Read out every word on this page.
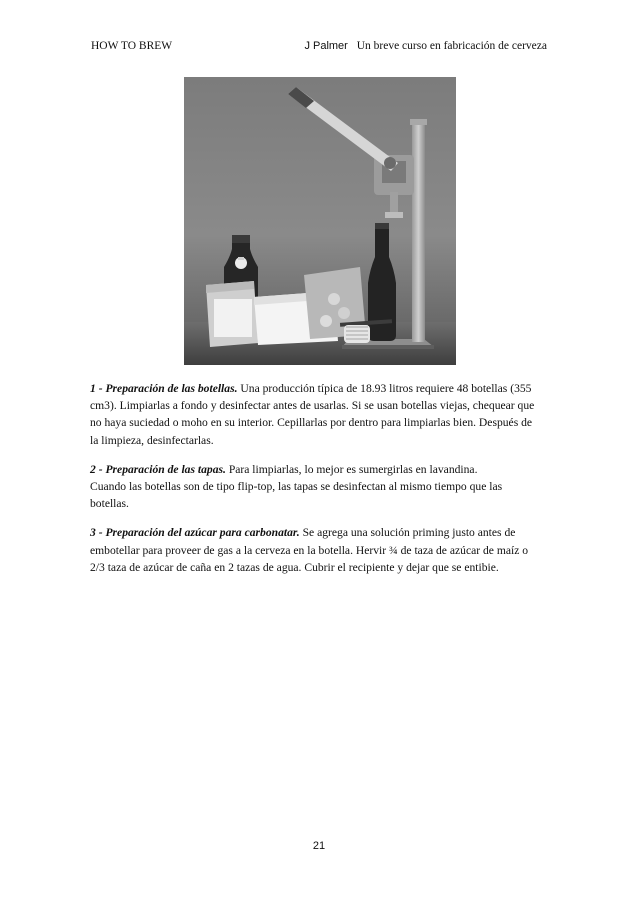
HOW TO BREW	J Palmer Un breve curso en fabricación de cerveza

1 - Preparación de las botellas. Una producción típica de 18.93 litros requiere 48 botellas (355
cm3). Limpiarlas a fondo y desinfectar antes de usarlas. Si se usan botellas viejas, chequear que
no haya suciedad o moho en su interior. Cepillarlas por dentro para limpiarlas bien. Después de
la limpieza, desinfectarlas.

2 - Preparación de las tapas. Para limpiarlas, lo mejor es sumergirlas en lavandina.
Cuando las botellas son de tipo flip-top, las tapas se desinfectan al mismo tiempo que las
botellas.

3 - Preparación del azúcar para carbonatar. Se agrega una solución priming justo antes de
embotellar para proveer de gas a la cerveza en la botella. Hervir ¾ de taza de azúcar de maíz o
2/3 taza de azúcar de caña en 2 tazas de agua. Cubrir el recipiente y dejar que se entibie.

21
